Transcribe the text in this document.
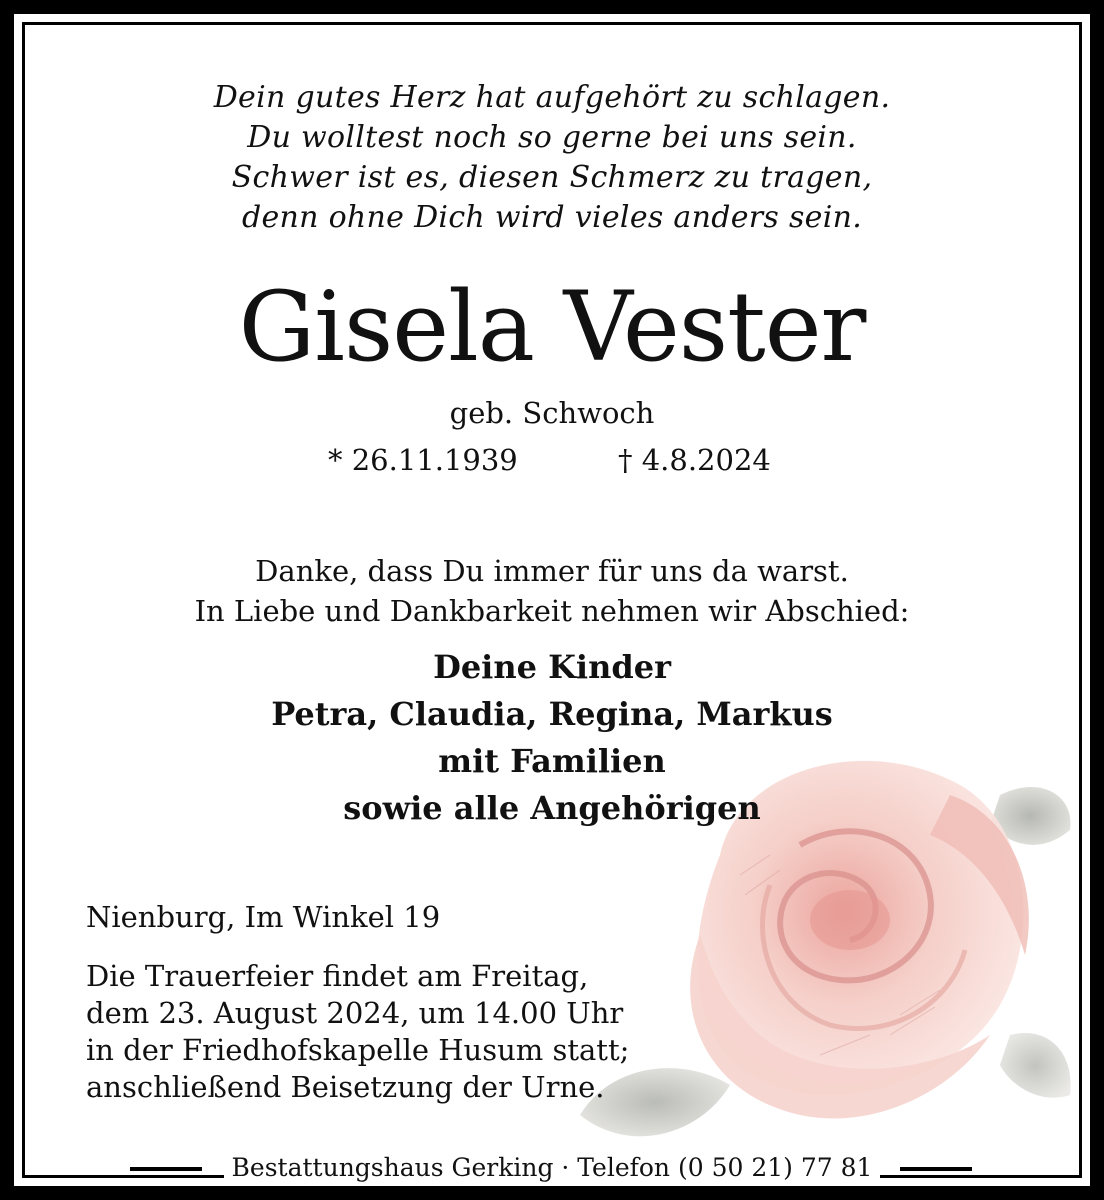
Dein gutes Herz hat aufgehört zu schlagen.
Du wolltest noch so gerne bei uns sein.
Schwer ist es, diesen Schmerz zu tragen,
denn ohne Dich wird vieles anders sein.
Gisela Vester
geb. Schwoch
* 26.11.1939	† 4.8.2024
Danke, dass Du immer für uns da warst.
In Liebe und Dankbarkeit nehmen wir Abschied:
Deine Kinder
Petra, Claudia, Regina, Markus
mit Familien
sowie alle Angehörigen
Nienburg, Im Winkel 19
Die Trauerfeier findet am Freitag,
dem 23. August 2024, um 14.00 Uhr
in der Friedhofskapelle Husum statt;
anschließend Beisetzung der Urne.
Bestattungshaus Gerking · Telefon (0 50 21) 77 81
